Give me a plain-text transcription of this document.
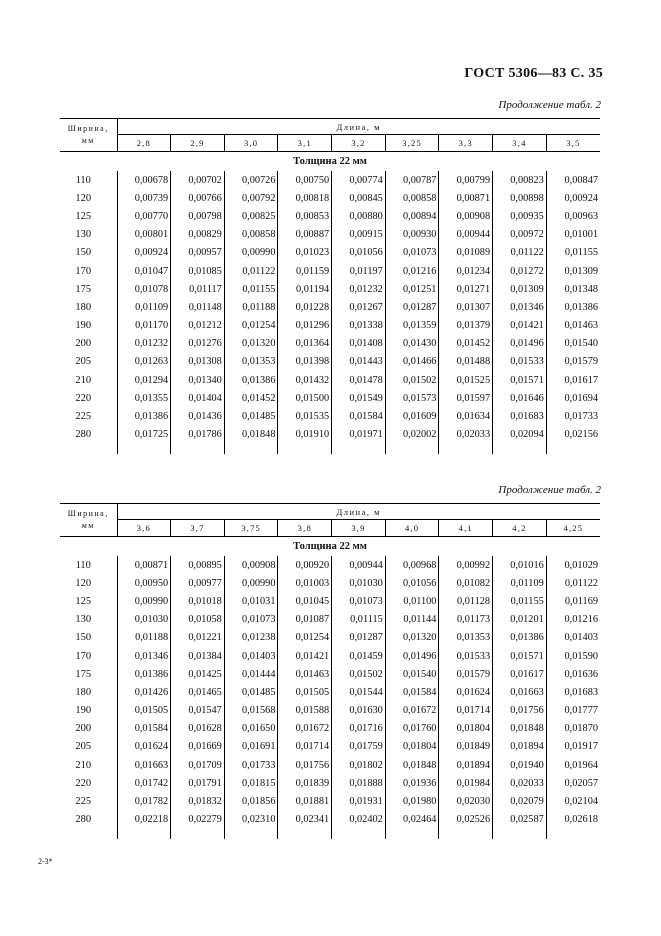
ГОСТ 5306—83 С. 35
Продолжение табл. 2
Ширина,
мм	Длина, м								
	2,8	2,9	3,0	3,1	3,2	3,25	3,3	3,4	3,5
Толщина 22 мм									
110	0,00678	0,00702	0,00726	0,00750	0,00774	0,00787	0,00799	0,00823	0,00847
120	0,00739	0,00766	0,00792	0,00818	0,00845	0,00858	0,00871	0,00898	0,00924
125	0,00770	0,00798	0,00825	0,00853	0,00880	0,00894	0,00908	0,00935	0,00963
130	0,00801	0,00829	0,00858	0,00887	0,00915	0,00930	0,00944	0,00972	0,01001
150	0,00924	0,00957	0,00990	0,01023	0,01056	0,01073	0,01089	0,01122	0,01155
170	0,01047	0,01085	0,01122	0,01159	0,01197	0,01216	0,01234	0,01272	0,01309
175	0,01078	0,01117	0,01155	0,01194	0,01232	0,01251	0,01271	0,01309	0,01348
180	0,01109	0,01148	0,01188	0,01228	0,01267	0,01287	0,01307	0,01346	0,01386
190	0,01170	0,01212	0,01254	0,01296	0,01338	0,01359	0,01379	0,01421	0,01463
200	0,01232	0,01276	0,01320	0,01364	0,01408	0,01430	0,01452	0,01496	0,01540
205	0,01263	0,01308	0,01353	0,01398	0,01443	0,01466	0,01488	0,01533	0,01579
210	0,01294	0,01340	0,01386	0,01432	0,01478	0,01502	0,01525	0,01571	0,01617
220	0,01355	0,01404	0,01452	0,01500	0,01549	0,01573	0,01597	0,01646	0,01694
225	0,01386	0,01436	0,01485	0,01535	0,01584	0,01609	0,01634	0,01683	0,01733
280	0,01725	0,01786	0,01848	0,01910	0,01971	0,02002	0,02033	0,02094	0,02156

Продолжение табл. 2
Ширина,
мм	Длина, м								
	3,6	3,7	3,75	3,8	3,9	4,0	4,1	4,2	4,25
Толщина 22 мм									
110	0,00871	0,00895	0,00908	0,00920	0,00944	0,00968	0,00992	0,01016	0,01029
120	0,00950	0,00977	0,00990	0,01003	0,01030	0,01056	0,01082	0,01109	0,01122
125	0,00990	0,01018	0,01031	0,01045	0,01073	0,01100	0,01128	0,01155	0,01169
130	0,01030	0,01058	0,01073	0,01087	0,01115	0,01144	0,01173	0,01201	0,01216
150	0,01188	0,01221	0,01238	0,01254	0,01287	0,01320	0,01353	0,01386	0,01403
170	0,01346	0,01384	0,01403	0,01421	0,01459	0,01496	0,01533	0,01571	0,01590
175	0,01386	0,01425	0,01444	0,01463	0,01502	0,01540	0,01579	0,01617	0,01636
180	0,01426	0,01465	0,01485	0,01505	0,01544	0,01584	0,01624	0,01663	0,01683
190	0,01505	0,01547	0,01568	0,01588	0,01630	0,01672	0,01714	0,01756	0,01777
200	0,01584	0,01628	0,01650	0,01672	0,01716	0,01760	0,01804	0,01848	0,01870
205	0,01624	0,01669	0,01691	0,01714	0,01759	0,01804	0,01849	0,01894	0,01917
210	0,01663	0,01709	0,01733	0,01756	0,01802	0,01848	0,01894	0,01940	0,01964
220	0,01742	0,01791	0,01815	0,01839	0,01888	0,01936	0,01984	0,02033	0,02057
225	0,01782	0,01832	0,01856	0,01881	0,01931	0,01980	0,02030	0,02079	0,02104
280	0,02218	0,02279	0,02310	0,02341	0,02402	0,02464	0,02526	0,02587	0,02618

2-3*
